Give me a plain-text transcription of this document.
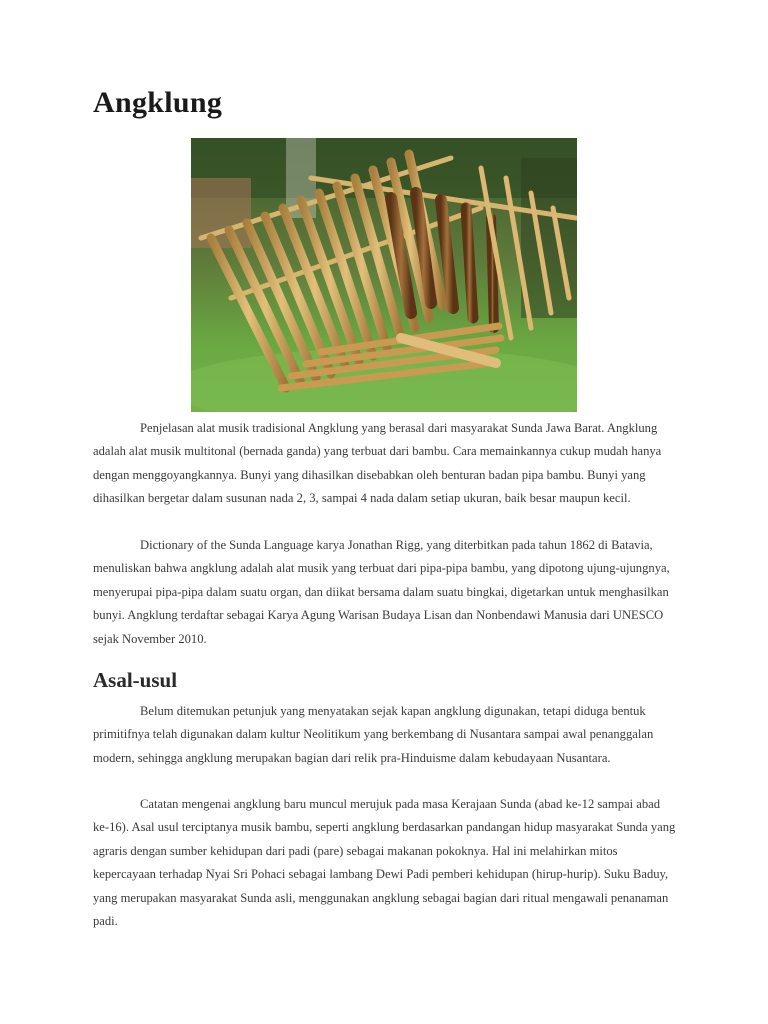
Angklung

Penjelasan alat musik tradisional Angklung yang berasal dari masyarakat Sunda Jawa Barat. Angklung adalah alat musik multitonal (bernada ganda) yang terbuat dari bambu. Cara memainkannya cukup mudah hanya dengan menggoyangkannya. Bunyi yang dihasilkan disebabkan oleh benturan badan pipa bambu. Bunyi yang dihasilkan bergetar dalam susunan nada 2, 3, sampai 4 nada dalam setiap ukuran, baik besar maupun kecil.

Dictionary of the Sunda Language karya Jonathan Rigg, yang diterbitkan pada tahun 1862 di Batavia, menuliskan bahwa angklung adalah alat musik yang terbuat dari pipa-pipa bambu, yang dipotong ujung-ujungnya, menyerupai pipa-pipa dalam suatu organ, dan diikat bersama dalam suatu bingkai, digetarkan untuk menghasilkan bunyi. Angklung terdaftar sebagai Karya Agung Warisan Budaya Lisan dan Nonbendawi Manusia dari UNESCO sejak November 2010.

Asal-usul

Belum ditemukan petunjuk yang menyatakan sejak kapan angklung digunakan, tetapi diduga bentuk primitifnya telah digunakan dalam kultur Neolitikum yang berkembang di Nusantara sampai awal penanggalan modern, sehingga angklung merupakan bagian dari relik pra-Hinduisme dalam kebudayaan Nusantara.

Catatan mengenai angklung baru muncul merujuk pada masa Kerajaan Sunda (abad ke-12 sampai abad ke-16). Asal usul terciptanya musik bambu, seperti angklung berdasarkan pandangan hidup masyarakat Sunda yang agraris dengan sumber kehidupan dari padi (pare) sebagai makanan pokoknya. Hal ini melahirkan mitos kepercayaan terhadap Nyai Sri Pohaci sebagai lambang Dewi Padi pemberi kehidupan (hirup-hurip). Suku Baduy, yang merupakan masyarakat Sunda asli, menggunakan angklung sebagai bagian dari ritual mengawali penanaman padi.
